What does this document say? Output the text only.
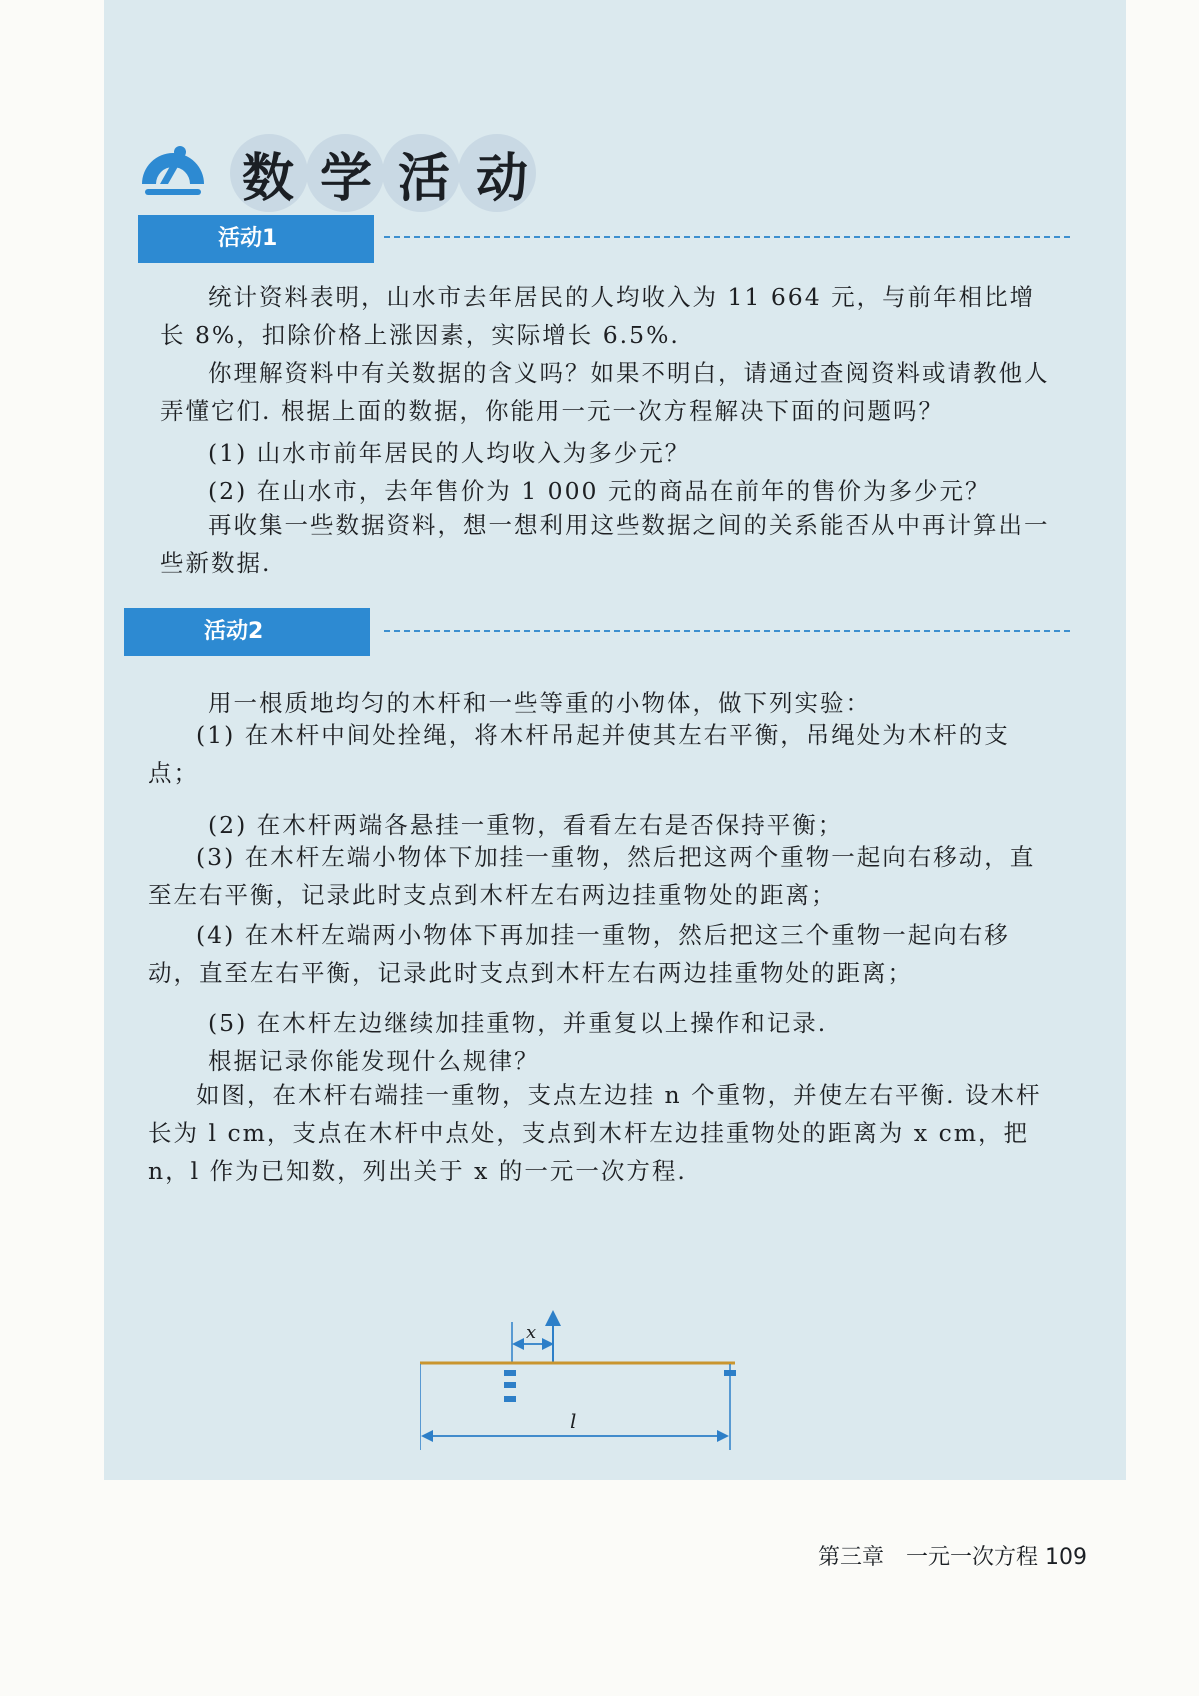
数学活动
活动1

统计资料表明，山水市去年居民的人均收入为 11 664 元，与前年相比增长 8%，扣除价格上涨因素，实际增长 6.5%.

你理解资料中有关数据的含义吗？如果不明白，请通过查阅资料或请教他人弄懂它们. 根据上面的数据，你能用一元一次方程解决下面的问题吗？

(1) 山水市前年居民的人均收入为多少元？
(2) 在山水市，去年售价为 1 000 元的商品在前年的售价为多少元？

再收集一些数据资料，想一想利用这些数据之间的关系能否从中再计算出一些新数据.

活动2
用一根质地均匀的木杆和一些等重的小物体，做下列实验：

(1) 在木杆中间处拴绳，将木杆吊起并使其左右平衡，吊绳处为木杆的支点；

(2) 在木杆两端各悬挂一重物，看看左右是否保持平衡；

(3) 在木杆左端小物体下加挂一重物，然后把这两个重物一起向右移动，直至左右平衡，记录此时支点到木杆左右两边挂重物处的距离；

(4) 在木杆左端两小物体下再加挂一重物，然后把这三个重物一起向右移动，直至左右平衡，记录此时支点到木杆左右两边挂重物处的距离；

(5) 在木杆左边继续加挂重物，并重复以上操作和记录.
根据记录你能发现什么规律？

如图，在木杆右端挂一重物，支点左边挂 n 个重物，并使左右平衡. 设木杆长为 l cm，支点在木杆中点处，支点到木杆左边挂重物处的距离为 x cm，把 n，l 作为已知数，列出关于 x 的一元一次方程.

x
l
第三章 一元一次方程 109
